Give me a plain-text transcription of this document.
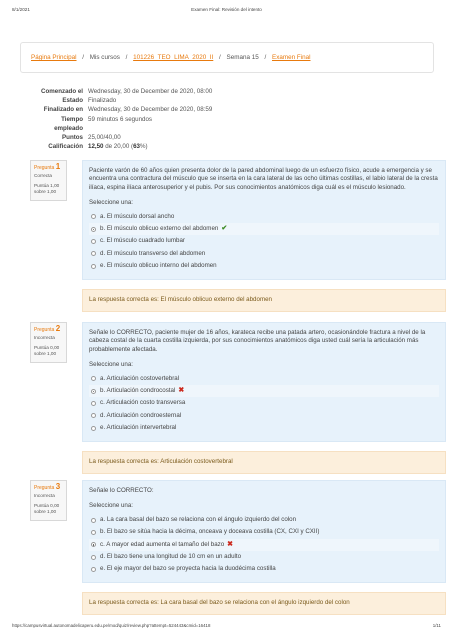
8/1/2021	Examen Final: Revisión del intento
Página Principal / Mis cursos / 101226_TEO_LIMA_2020_II / Semana 15 / Examen Final
Comenzado el Wednesday, 30 de December de 2020, 08:00
Estado Finalizado
Finalizado en Wednesday, 30 de December de 2020, 08:59
Tiempo 59 minutos 6 segundos
empleado
Puntos 25,00/40,00
Calificación 12,50 de 20,00 (63%)
Pregunta 1
Correcta
Puntúa 1,00
sobre 1,00
Paciente varón de 60 años quien presenta dolor de la pared abdominal luego de un esfuerzo físico, acude a emergencia y se encuentra una contractura del músculo que se inserta en la cara lateral de las ocho últimas costillas, el labio lateral de la cresta ilíaca, espina ilíaca anterosuperior y el pubis. Por sus conocimientos anatómicos diga cuál es el músculo lesionado.
Seleccione una:
a. El músculo dorsal ancho
b. El músculo oblicuo externo del abdomen ✔
c. El músculo cuadrado lumbar
d. El músculo transverso del abdomen
e. El músculo oblicuo interno del abdomen
La respuesta correcta es: El músculo oblicuo externo del abdomen
Pregunta 2
Incorrecta
Puntúa 0,00
sobre 1,00
Señale lo CORRECTO, paciente mujer de 16 años, karateca recibe una patada artero, ocasionándole fractura a nivel de la cabeza costal de la cuarta costilla izquierda, por sus conocimientos anatómicos diga usted cuál sería la articulación más probablemente afectada.
Seleccione una:
a. Articulación costovertebral
b. Articulación condrocostal ✖
c. Articulación costo transversa
d. Articulación condroesternal
e. Articulación intervertebral
La respuesta correcta es: Articulación costovertebral
Pregunta 3
Incorrecta
Puntúa 0,00
sobre 1,00
Señale lo CORRECTO:
Seleccione una:
a. La cara basal del bazo se relaciona con el ángulo izquierdo del colon
b. El bazo se sitúa hacia la décima, onceava y doceava costilla (CX, CXI y CXII)
c. A mayor edad aumenta el tamaño del bazo ✖
d. El bazo tiene una longitud de 10 cm en un adulto
e. El eje mayor del bazo se proyecta hacia la duodécima costilla
La respuesta correcta es: La cara basal del bazo se relaciona con el ángulo izquierdo del colon
https://campusvirtual.autonomadelicaperu.edu.pe/mod/quiz/review.php?attempt=524443&cmid=16418	1/11
